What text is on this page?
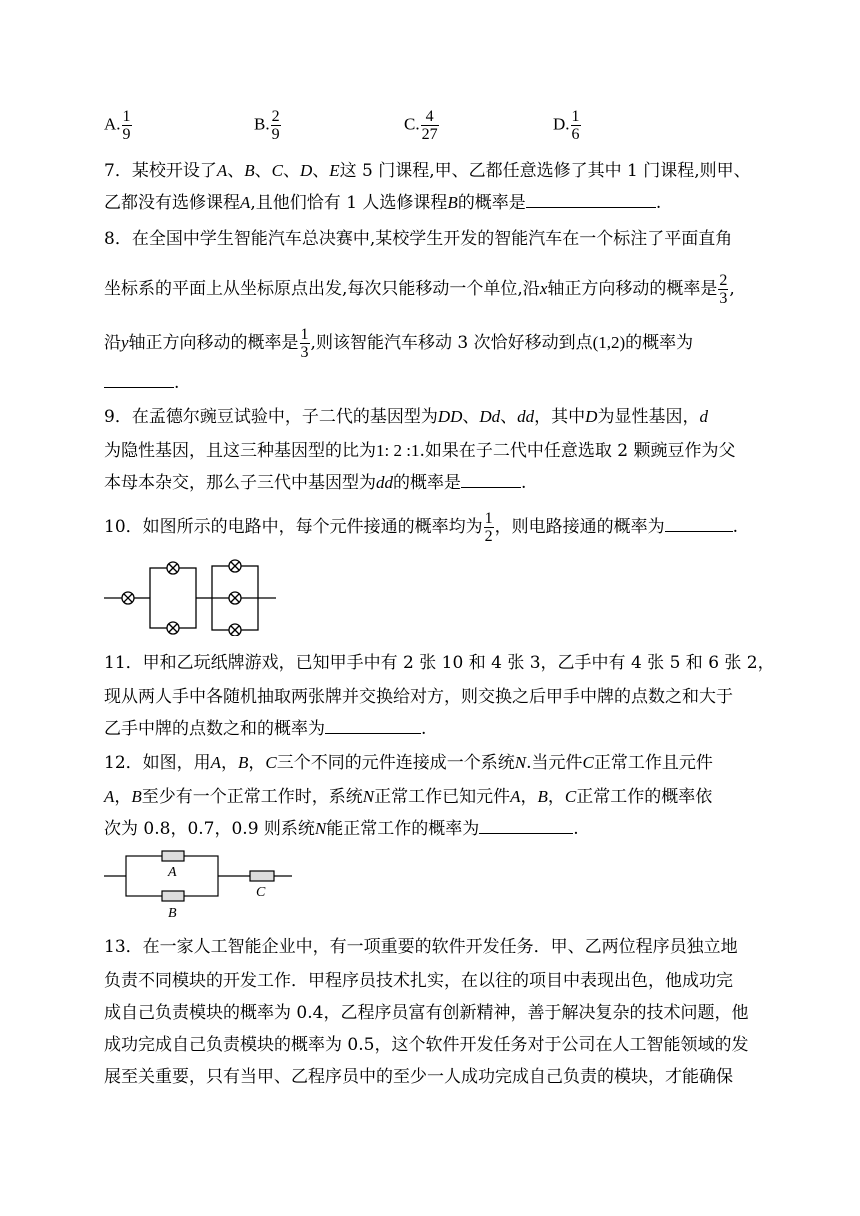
A. $\frac{1}{9}$	B. $\frac{2}{9}$	C. $\frac{4}{27}$	D. $\frac{1}{6}$
7．某校开设了A、B、C、D、E这 5 门课程,甲、乙都任意选修了其中 1 门课程,则甲、
乙都没有选修课程A,且他们恰有 1 人选修课程B的概率是	.
8．在全国中学生智能汽车总决赛中,某校学生开发的智能汽车在一个标注了平面直角
坐标系的平面上从坐标原点出发,每次只能移动一个单位,沿x轴正方向移动的概率是 $\frac{2}{3}$ ,
沿y轴正方向移动的概率是 $\frac{1}{3}$ ,则该智能汽车移动 3 次恰好移动到点(1,2)的概率为
.
9．在孟德尔豌豆试验中，子二代的基因型为DD、Dd、dd，其中D为显性基因，d
为隐性基因，且这三种基因型的比为1: 2 :1.如果在子二代中任意选取 2 颗豌豆作为父
本母本杂交，那么子三代中基因型为dd的概率是	.
10．如图所示的电路中，每个元件接通的概率均为 $\frac{1}{2}$ ，则电路接通的概率为	.
11．甲和乙玩纸牌游戏，已知甲手中有 2 张 10 和 4 张 3，乙手中有 4 张 5 和 6 张 2，
现从两人手中各随机抽取两张牌并交换给对方，则交换之后甲手中牌的点数之和大于
乙手中牌的点数之和的概率为	.
12．如图，用A，B，C三个不同的元件连接成一个系统N.当元件C正常工作且元件
A，B至少有一个正常工作时，系统N正常工作已知元件A，B，C正常工作的概率依
次为 0.8，0.7，0.9 则系统N能正常工作的概率为	.
A
B
C
13．在一家人工智能企业中，有一项重要的软件开发任务．甲、乙两位程序员独立地
负责不同模块的开发工作．甲程序员技术扎实，在以往的项目中表现出色，他成功完
成自己负责模块的概率为 0.4，乙程序员富有创新精神，善于解决复杂的技术问题，他
成功完成自己负责模块的概率为 0.5，这个软件开发任务对于公司在人工智能领域的发
展至关重要，只有当甲、乙程序员中的至少一人成功完成自己负责的模块，才能确保
